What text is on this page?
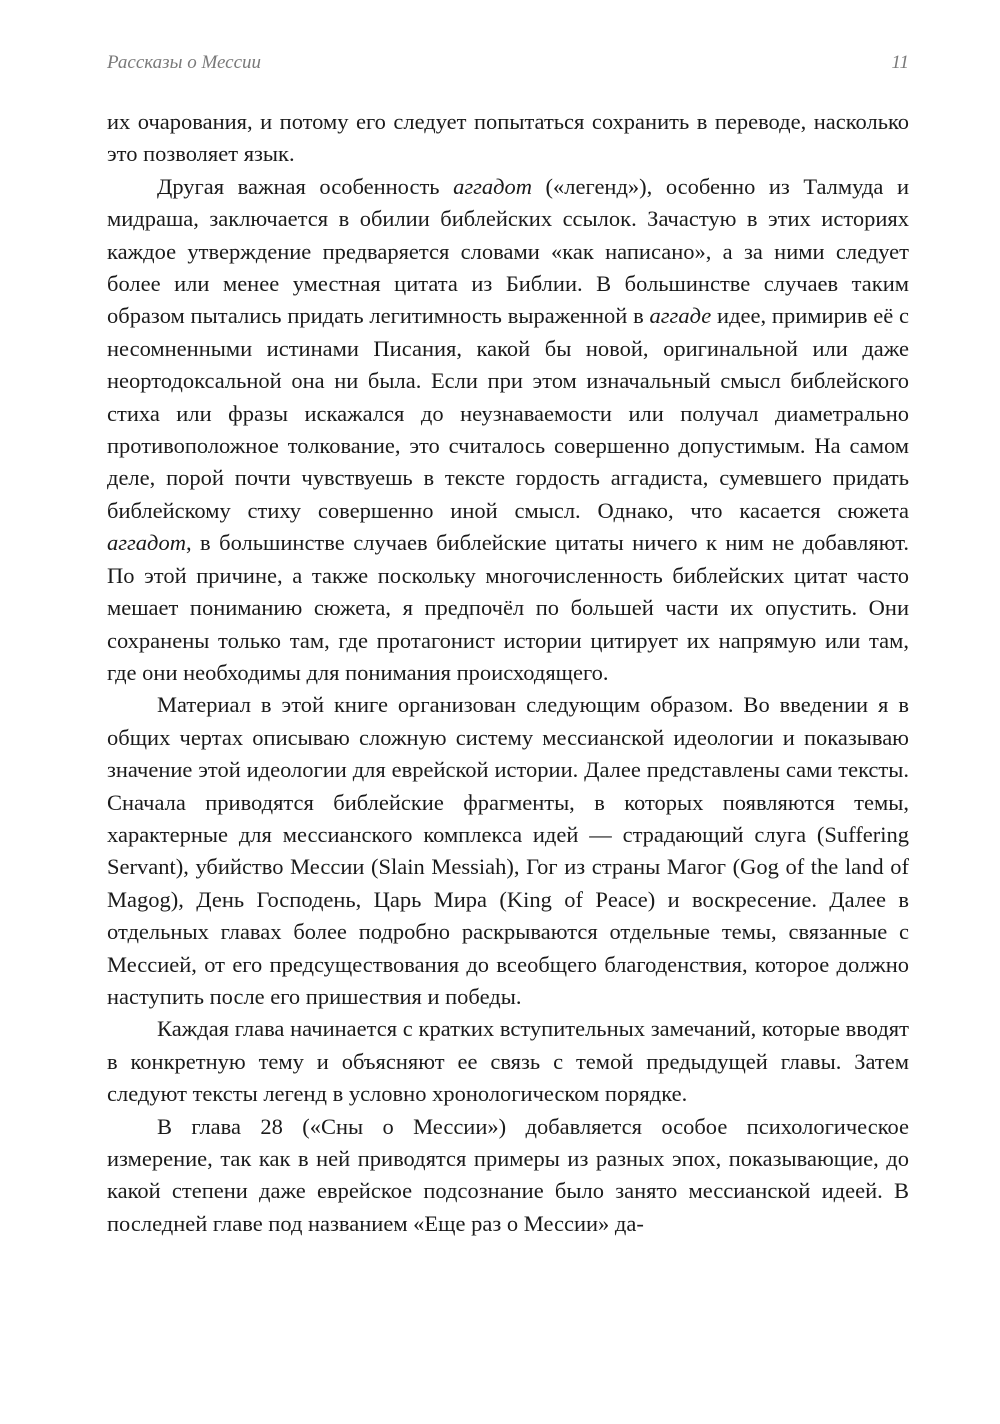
Рассказы о Мессии	11

их очарования, и потому его следует попытаться сохранить в переводе, насколько это позволяет язык.

Другая важная особенность аггадот («легенд»), особенно из Талмуда и мидраша, заключается в обилии библейских ссылок. Зачастую в этих историях каждое утверждение предваряется словами «как написано», а за ними следует более или менее уместная цитата из Библии. В большинстве случаев таким образом пытались придать легитимность выраженной в аггаде идее, примирив её с несомненными истинами Писания, какой бы новой, оригинальной или даже неортодоксальной она ни была. Если при этом изначальный смысл библейского стиха или фразы искажался до неузнаваемости или получал диаметрально противоположное толкование, это считалось совершенно допустимым. На самом деле, порой почти чувствуешь в тексте гордость аггадиста, сумевшего придать библейскому стиху совершенно иной смысл. Однако, что касается сюжета аггадот, в большинстве случаев библейские цитаты ничего к ним не добавляют. По этой причине, а также поскольку многочисленность библейских цитат часто мешает пониманию сюжета, я предпочёл по большей части их опустить. Они сохранены только там, где протагонист истории цитирует их напрямую или там, где они необходимы для понимания происходящего.

Материал в этой книге организован следующим образом. Во введении я в общих чертах описываю сложную систему мессианской идеологии и показываю значение этой идеологии для еврейской истории. Далее представлены сами тексты. Сначала приводятся библейские фрагменты, в которых появляются темы, характерные для мессианского комплекса идей — страдающий слуга (Suffering Servant), убийство Мессии (Slain Messiah), Гог из страны Магог (Gog of the land of Magog), День Господень, Царь Мира (King of Peace) и воскресение. Далее в отдельных главах более подробно раскрываются отдельные темы, связанные с Мессией, от его предсуществования до всеобщего благоденствия, которое должно наступить после его пришествия и победы.

Каждая глава начинается с кратких вступительных замечаний, которые вводят в конкретную тему и объясняют ее связь с темой предыдущей главы. Затем следуют тексты легенд в условно хронологическом порядке.

В глава 28 («Сны о Мессии») добавляется особое психологическое измерение, так как в ней приводятся примеры из разных эпох, показывающие, до какой степени даже еврейское подсознание было занято мессианской идеей. В последней главе под названием «Еще раз о Мессии» да-
